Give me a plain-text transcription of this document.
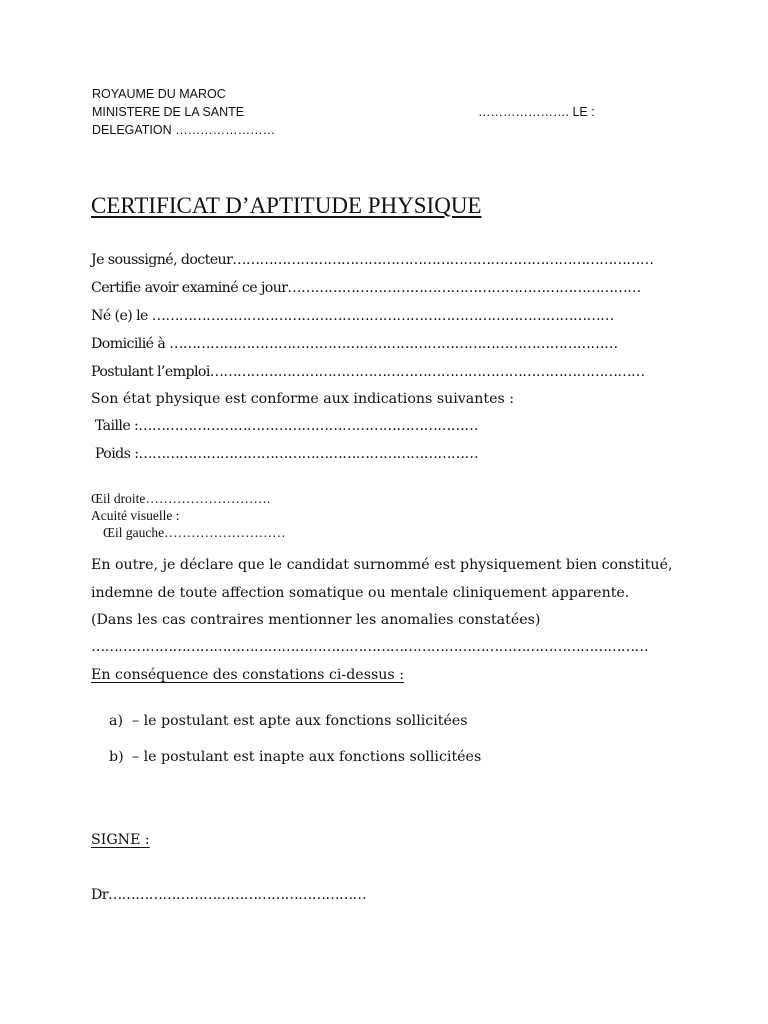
ROYAUME DU MAROC
MINISTERE DE LA SANTE
DELEGATION ……………………
…………………. LE :
CERTIFICAT D’APTITUDE PHYSIQUE
Je soussigné, docteur…………………………………………………………………………………
Certifie avoir examiné ce jour……………………………………………………………………
Né (e) le …………………………………………………………………………………………
Domicilié à ………………………………………………………………………………………
Postulant l’emploi……………………………………………………………………………………
Son état physique est conforme aux indications suivantes :
Taille :…………………………………………………………………
Poids :…………………………………………………………………
Œil droite……………………….
Acuité visuelle :
Œil gauche………………………
En outre, je déclare que le candidat surnommé est physiquement bien constitué,
indemne de toute affection somatique ou mentale cliniquement apparente.
(Dans les cas contraires mentionner les anomalies constatées)
……………………………………………………………………………………………………………
En conséquence des constations ci-dessus :
a) – le postulant est apte aux fonctions sollicitées
b) – le postulant est inapte aux fonctions sollicitées
SIGNE :
Dr…………………………………………………
